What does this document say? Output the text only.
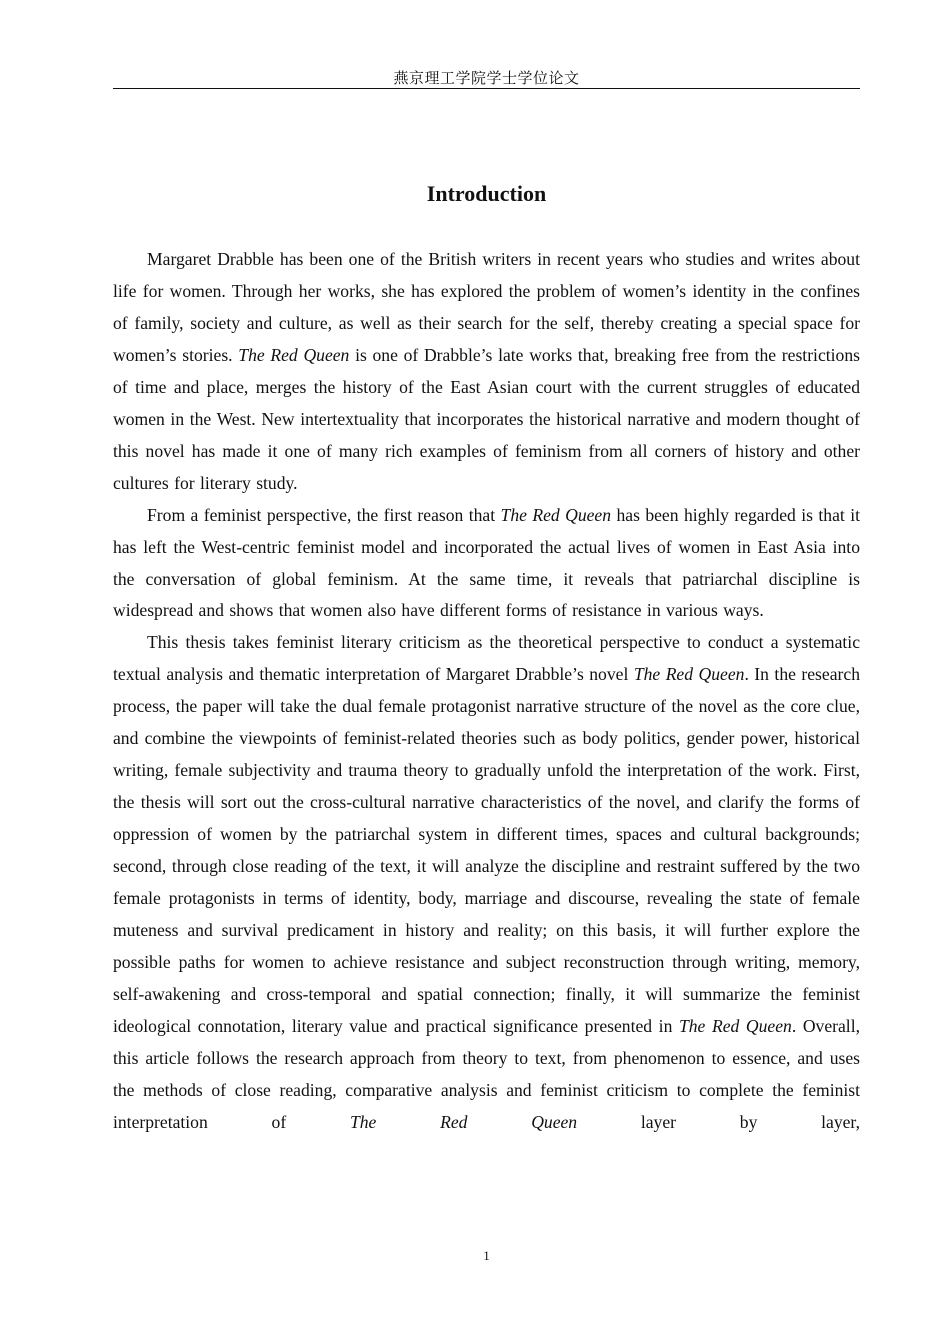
燕京理工学院学士学位论文
Introduction

Margaret Drabble has been one of the British writers in recent years who studies and writes about life for women. Through her works, she has explored the problem of women’s identity in the confines of family, society and culture, as well as their search for the self, thereby creating a special space for women’s stories. The Red Queen is one of Drabble’s late works that, breaking free from the restrictions of time and place, merges the history of the East Asian court with the current struggles of educated women in the West. New intertextuality that incorporates the historical narrative and modern thought of this novel has made it one of many rich examples of feminism from all corners of history and other cultures for literary study.

From a feminist perspective, the first reason that The Red Queen has been highly regarded is that it has left the West-centric feminist model and incorporated the actual lives of women in East Asia into the conversation of global feminism. At the same time, it reveals that patriarchal discipline is widespread and shows that women also have different forms of resistance in various ways.

This thesis takes feminist literary criticism as the theoretical perspective to conduct a systematic textual analysis and thematic interpretation of Margaret Drabble’s novel The Red Queen. In the research process, the paper will take the dual female protagonist narrative structure of the novel as the core clue, and combine the viewpoints of feminist-related theories such as body politics, gender power, historical writing, female subjectivity and trauma theory to gradually unfold the interpretation of the work. First, the thesis will sort out the cross-cultural narrative characteristics of the novel, and clarify the forms of oppression of women by the patriarchal system in different times, spaces and cultural backgrounds; second, through close reading of the text, it will analyze the discipline and restraint suffered by the two female protagonists in terms of identity, body, marriage and discourse, revealing the state of female muteness and survival predicament in history and reality; on this basis, it will further explore the possible paths for women to achieve resistance and subject reconstruction through writing, memory, self-awakening and cross-temporal and spatial connection; finally, it will summarize the feminist ideological connotation, literary value and practical significance presented in The Red Queen. Overall, this article follows the research approach from theory to text, from phenomenon to essence, and uses the methods of close reading, comparative analysis and feminist criticism to complete the feminist interpretation of The Red Queen layer by layer,

1
